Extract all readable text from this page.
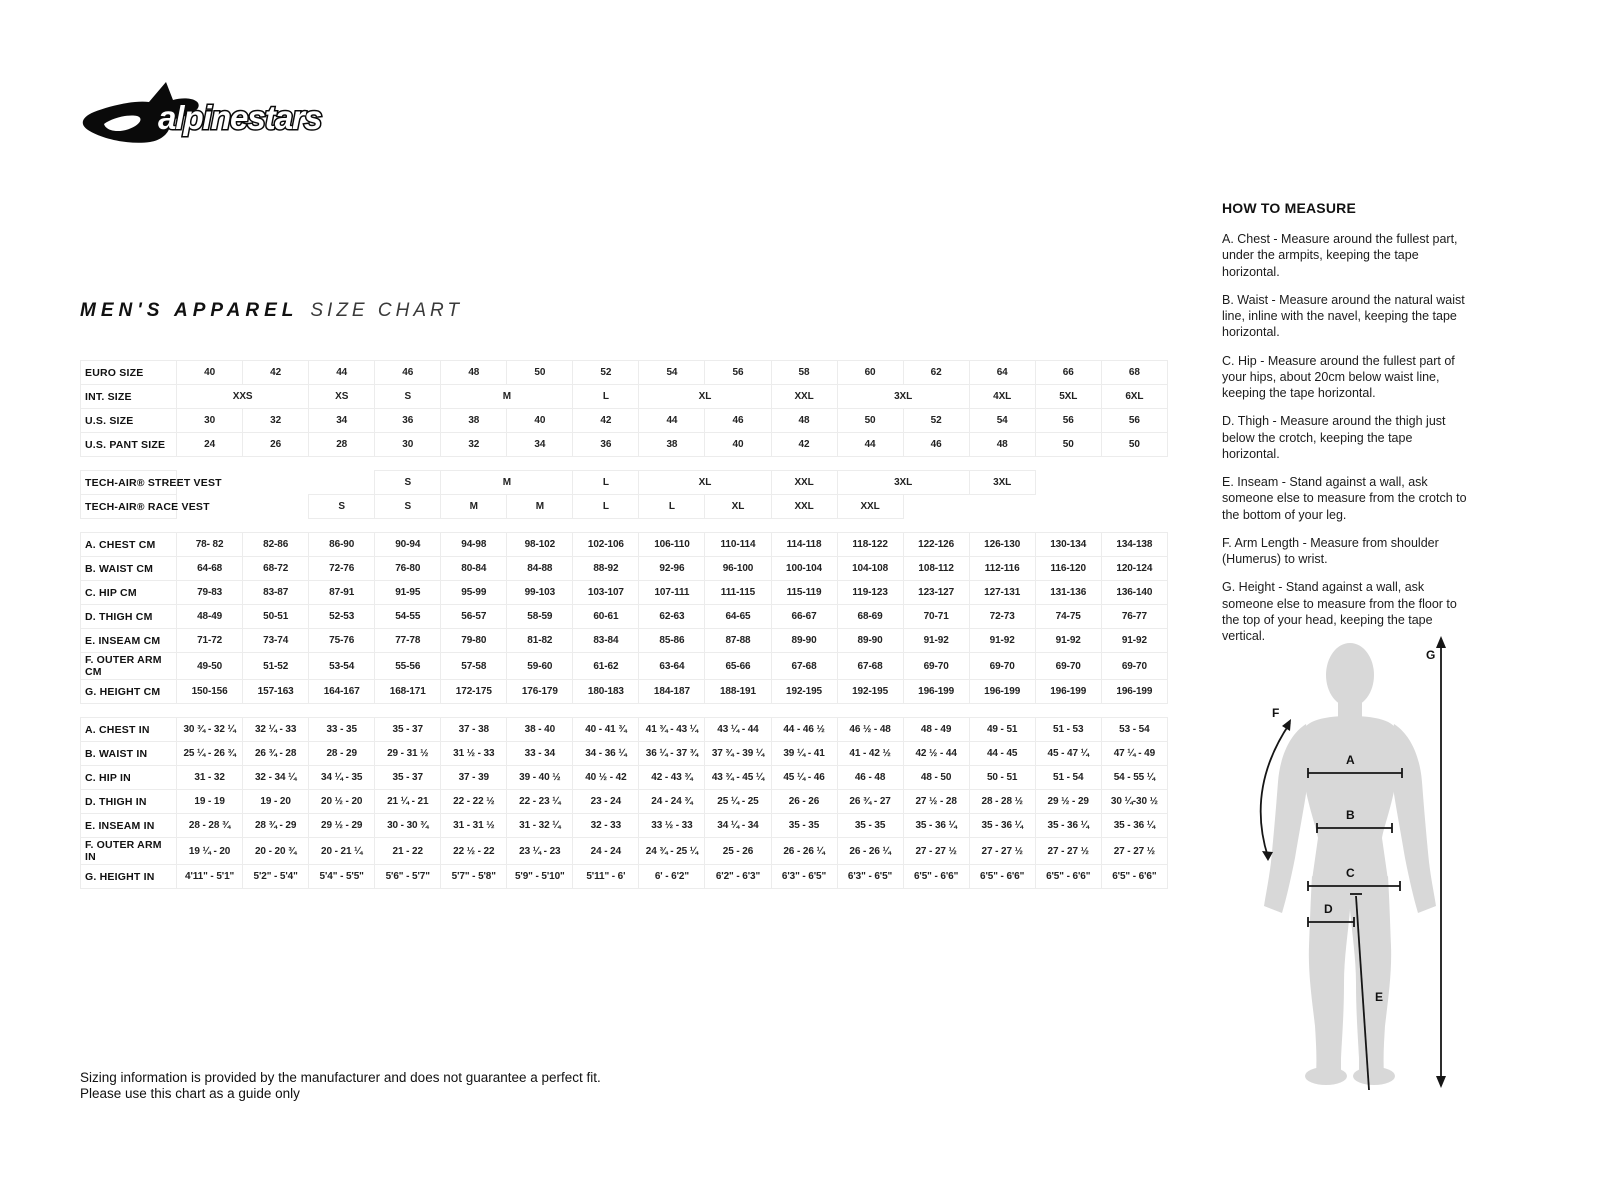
alpinestars
MEN'S APPAREL SIZE CHART
EURO SIZE	40	42	44	46	48	50	52	54	56	58	60	62	64	66	68
INT. SIZE	XXS		XS	S	M		L	XL		XXL	3XL		4XL	5XL	6XL
U.S. SIZE	30	32	34	36	38	40	42	44	46	48	50	52	54	56	56
U.S. PANT SIZE	24	26	28	30	32	34	36	38	40	42	44	46	48	50	50

TECH-AIR® STREET VEST				S	M		L	XL		XXL	3XL		3XL		
TECH-AIR® RACE VEST			S	S	M	M	L	L	XL	XXL	XXL				

A. CHEST CM	78- 82	82-86	86-90	90-94	94-98	98-102	102-106	106-110	110-114	114-118	118-122	122-126	126-130	130-134	134-138
B. WAIST CM	64-68	68-72	72-76	76-80	80-84	84-88	88-92	92-96	96-100	100-104	104-108	108-112	112-116	116-120	120-124
C. HIP CM	79-83	83-87	87-91	91-95	95-99	99-103	103-107	107-111	111-115	115-119	119-123	123-127	127-131	131-136	136-140
D. THIGH CM	48-49	50-51	52-53	54-55	56-57	58-59	60-61	62-63	64-65	66-67	68-69	70-71	72-73	74-75	76-77
E. INSEAM CM	71-72	73-74	75-76	77-78	79-80	81-82	83-84	85-86	87-88	89-90	89-90	91-92	91-92	91-92	91-92
F. OUTER ARM CM	49-50	51-52	53-54	55-56	57-58	59-60	61-62	63-64	65-66	67-68	67-68	69-70	69-70	69-70	69-70
G. HEIGHT CM	150-156	157-163	164-167	168-171	172-175	176-179	180-183	184-187	188-191	192-195	192-195	196-199	196-199	196-199	196-199

A. CHEST IN	30 ¾ - 32 ¼	32 ¼ - 33	33 - 35	35 - 37	37 - 38	38 - 40	40 - 41 ¾	41 ¾ - 43 ¼	43 ¼ - 44	44 - 46 ½	46 ½ - 48	48 - 49	49 - 51	51 - 53	53 - 54
B. WAIST IN	25 ¼ - 26 ¾	26 ¾ - 28	28 - 29	29 - 31 ½	31 ½ - 33	33 - 34	34 - 36 ¼	36 ¼ - 37 ¾	37 ¾ - 39 ¼	39 ¼ - 41	41 - 42 ½	42 ½ - 44	44 - 45	45 - 47 ¼	47 ¼ - 49
C. HIP IN	31 - 32	32 - 34 ¼	34 ¼ - 35	35 - 37	37 - 39	39 - 40 ½	40 ½ - 42	42 - 43 ¾	43 ¾ - 45 ¼	45 ¼ - 46	46 - 48	48 - 50	50 - 51	51 - 54	54 - 55 ¼
D. THIGH IN	19 - 19	19 - 20	20 ½ - 20	21 ¼ - 21	22 - 22 ½	22 - 23 ¼	23 - 24	24 - 24 ¾	25 ¼ - 25	26 - 26	26 ¾ - 27	27 ½ - 28	28 - 28 ½	29 ½ - 29	30 ¼-30 ½
E. INSEAM IN	28 - 28 ¾	28 ¾ - 29	29 ½ - 29	30 - 30 ¾	31 - 31 ½	31 - 32 ¼	32 - 33	33 ½ - 33	34 ¼ - 34	35 - 35	35 - 35	35 - 36 ¼	35 - 36 ¼	35 - 36 ¼	35 - 36 ¼
F. OUTER ARM IN	19 ¼ - 20	20 - 20 ¾	20 - 21 ¼	21 - 22	22 ½ - 22	23 ¼ - 23	24 - 24	24 ¾ - 25 ¼	25 - 26	26 - 26 ¼	26 - 26 ¼	27 - 27 ½	27 - 27 ½	27 - 27 ½	27 - 27 ½
G. HEIGHT IN	4'11" - 5'1"	5'2" - 5'4"	5'4" - 5'5"	5'6" - 5'7"	5'7" - 5'8"	5'9" - 5'10"	5'11" - 6'	6' - 6'2"	6'2" - 6'3"	6'3" - 6'5"	6'3" - 6'5"	6'5" - 6'6"	6'5" - 6'6"	6'5" - 6'6"	6'5" - 6'6"
HOW TO MEASURE

A. Chest - Measure around the fullest part, under the armpits, keeping the tape horizontal.

B. Waist - Measure around the natural waist line, inline with the navel, keeping the tape horizontal.

C. Hip - Measure around the fullest part of your hips, about 20cm below waist line, keeping the tape horizontal.

D. Thigh - Measure around the thigh just below the crotch, keeping the tape horizontal.

E. Inseam - Stand against a wall, ask someone else to measure from the crotch to the bottom of your leg.

F. Arm Length - Measure from shoulder (Humerus) to wrist.

G. Height - Stand against a wall, ask someone else to measure from the floor to the top of your head, keeping the tape vertical.

A
B
C
D
E
F
G
Sizing information is provided by the manufacturer and does not guarantee a perfect fit.
Please use this chart as a guide only
